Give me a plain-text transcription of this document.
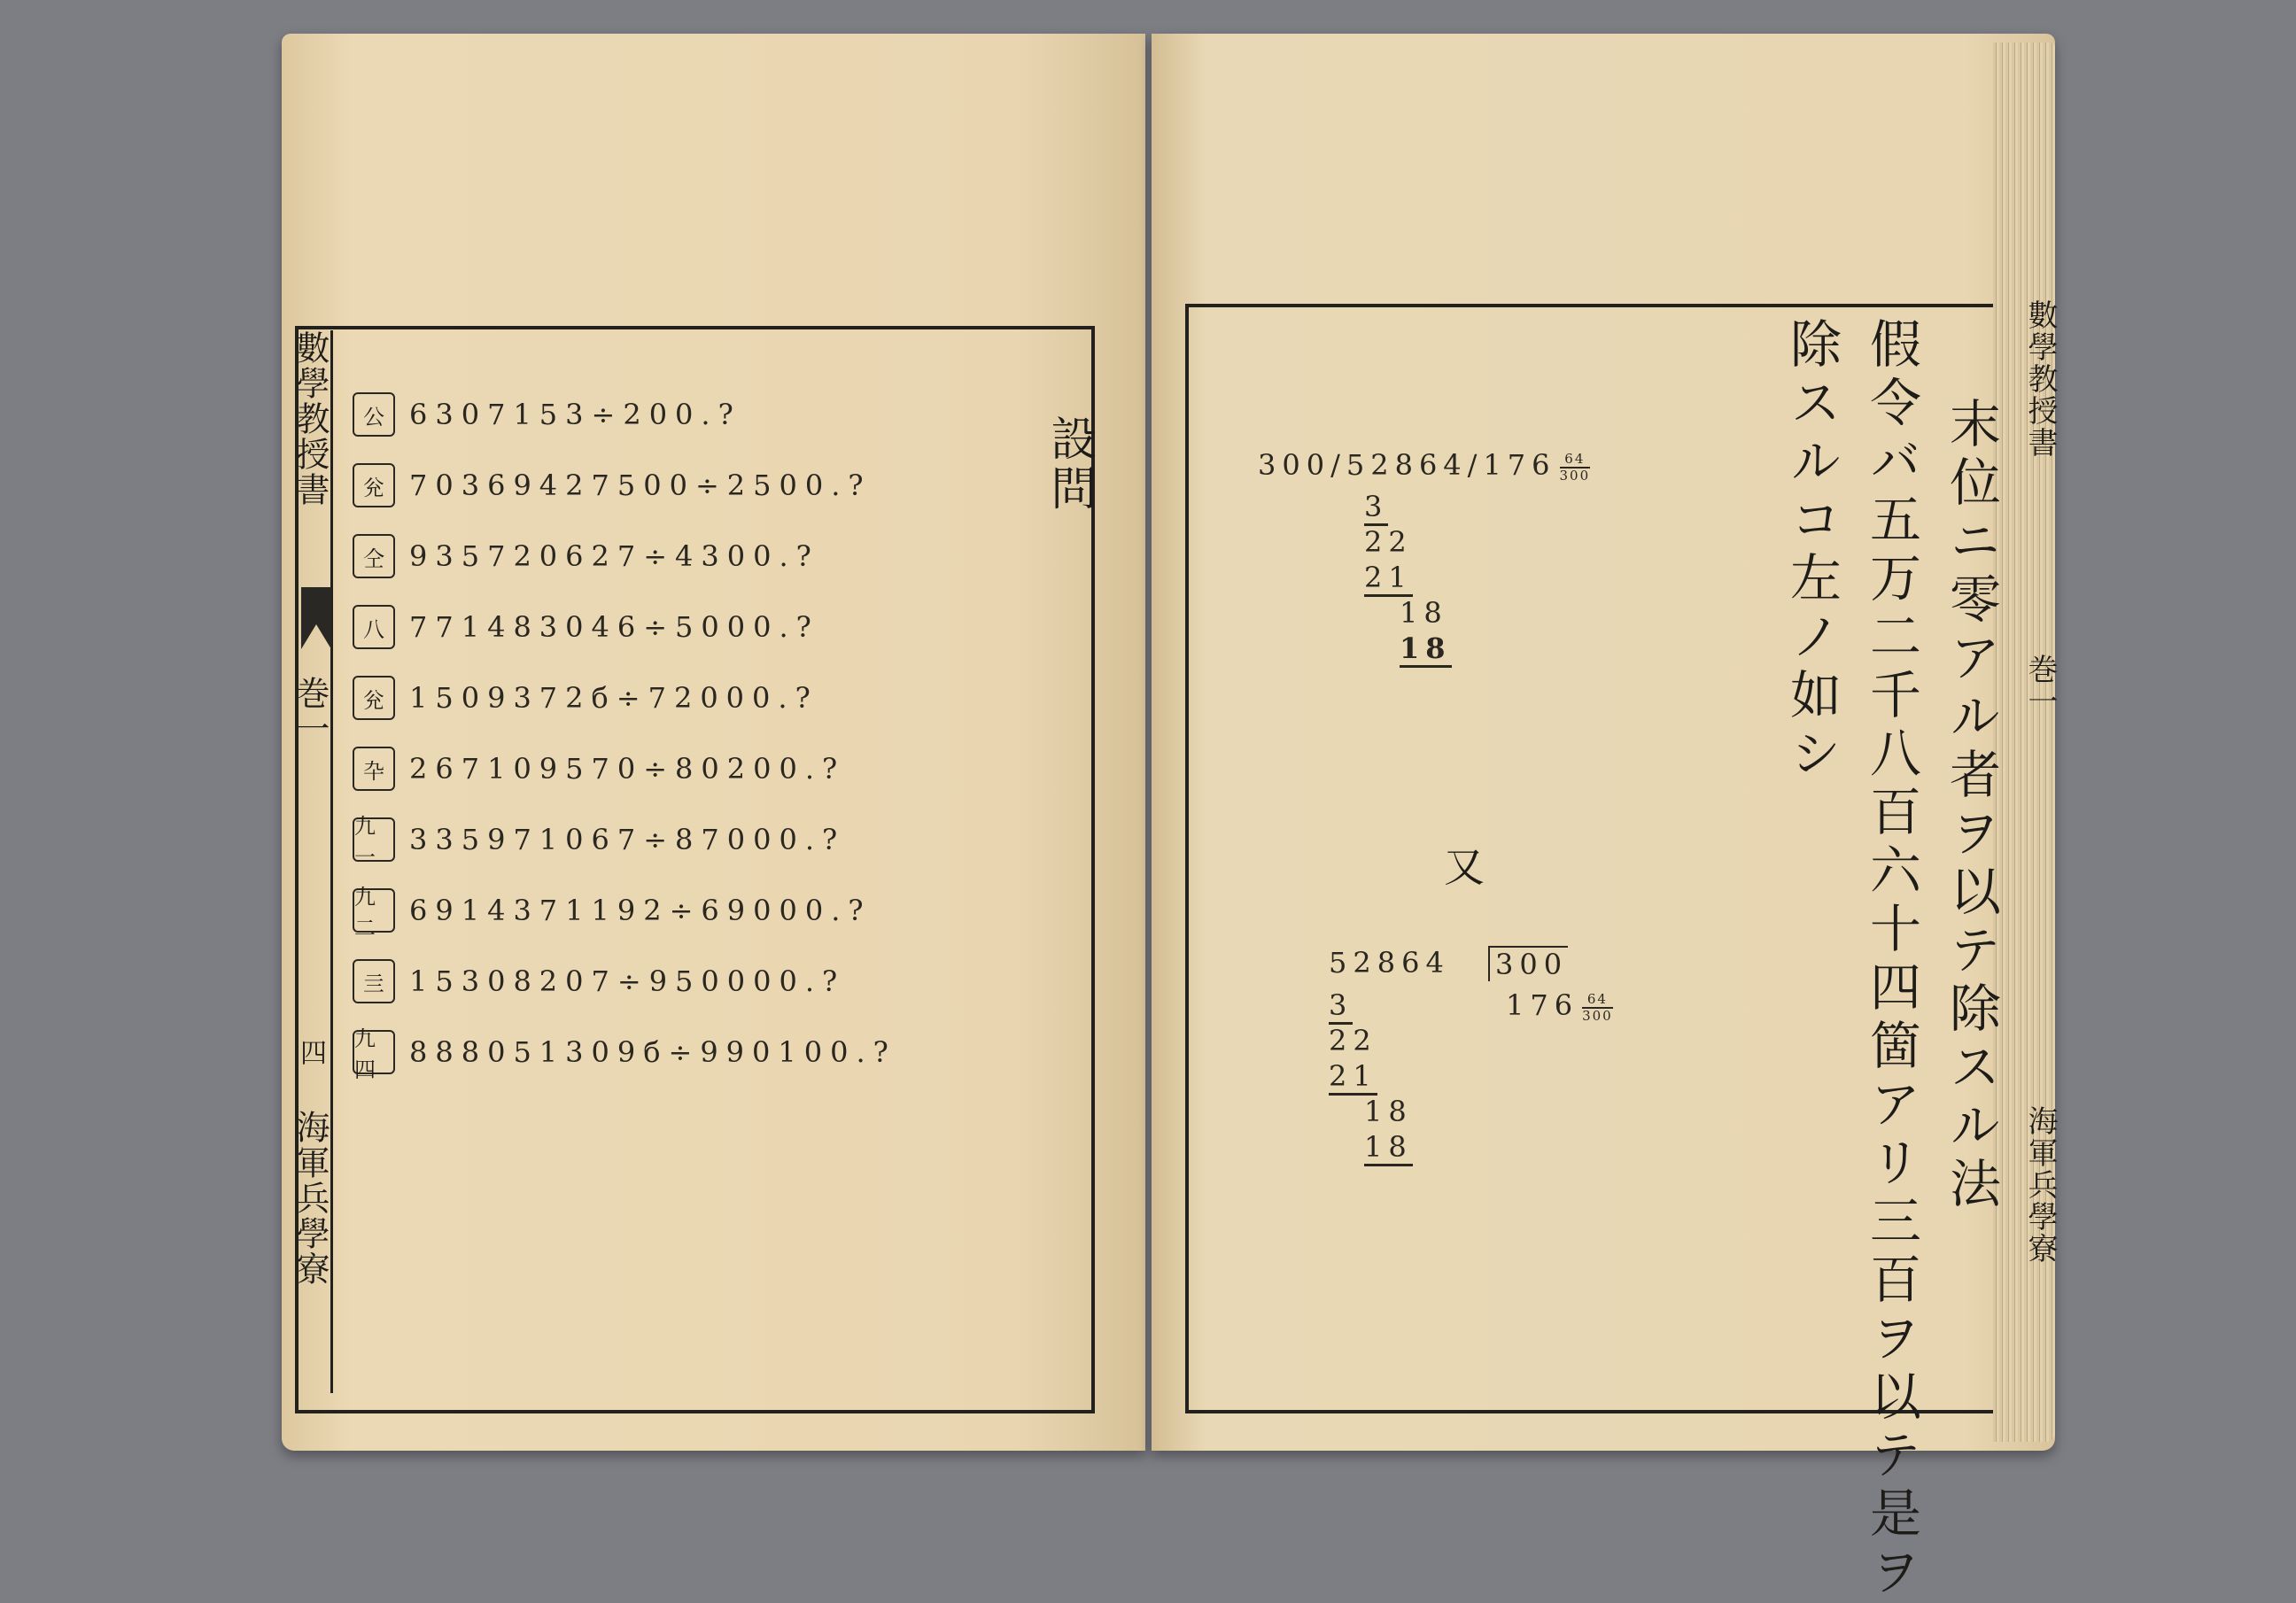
數學教授書
巻一
四
海軍兵學寮
公 6307153÷200.?
兊 70369427500÷2500.?
仝 935720627÷4300.?
八 771483046÷5000.?
兊 1509372б÷72000.?
卆 267109570÷80200.?
九一
335971067÷87000.?
九二
6914371192÷69000.?
亖 15308207÷950000.?
九四
888051309б÷990100.?
設問	末位ニ零アル者ヲ以テ除スル法
假令バ五万二千八百六十四箇アリ三百ヲ以テ是ヲ
除スルコ左ノ如シ	數學教授書
巻一
海軍兵學寮
$300/52864/176 \frac{64}{300}$
3
22
21
18
18
又
52864 300
$176 \frac{64}{300}$
3
22
21
18
18
